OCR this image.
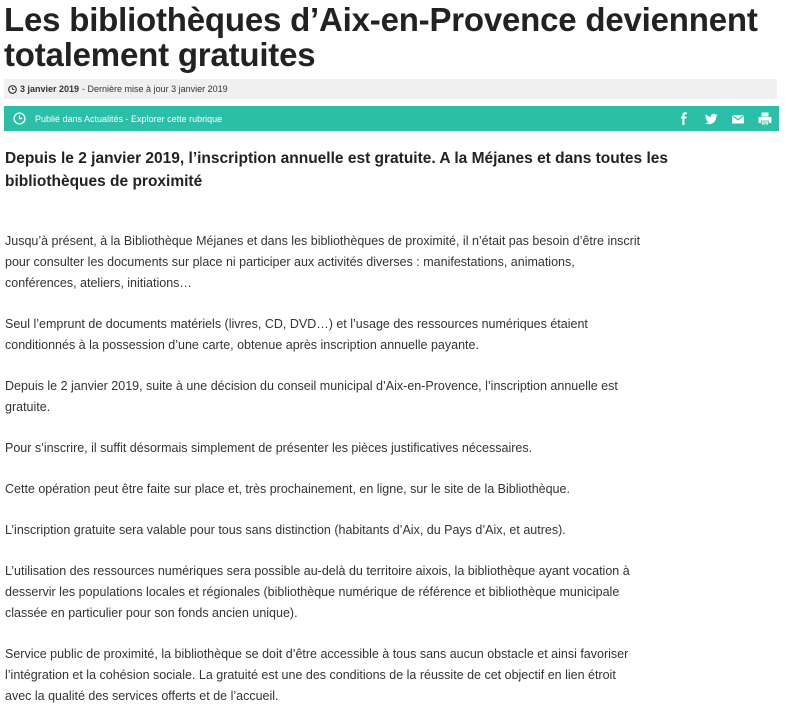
Les bibliothèques d’Aix-en-Provence deviennent totalement gratuites
3 janvier 2019 - Dernière mise à jour 3 janvier 2019
Publié dans Actualités - Explorer cette rubrique

Depuis le 2 janvier 2019, l’inscription annuelle est gratuite. A la Méjanes et dans toutes les bibliothèques de proximité

Jusqu’à présent, à la Bibliothèque Méjanes et dans les bibliothèques de proximité, il n’était pas besoin d’être inscrit pour consulter les documents sur place ni participer aux activités diverses : manifestations, animations, conférences, ateliers, initiations…

Seul l’emprunt de documents matériels (livres, CD, DVD…) et l’usage des ressources numériques étaient conditionnés à la possession d’une carte, obtenue après inscription annuelle payante.

Depuis le 2 janvier 2019, suite à une décision du conseil municipal d’Aix-en-Provence, l’inscription annuelle est gratuite.

Pour s’inscrire, il suffit désormais simplement de présenter les pièces justificatives nécessaires.

Cette opération peut être faite sur place et, très prochainement, en ligne, sur le site de la Bibliothèque.

L’inscription gratuite sera valable pour tous sans distinction (habitants d’Aix, du Pays d’Aix, et autres).

L’utilisation des ressources numériques sera possible au-delà du territoire aixois, la bibliothèque ayant vocation à desservir les populations locales et régionales (bibliothèque numérique de référence et bibliothèque municipale classée en particulier pour son fonds ancien unique).

Service public de proximité, la bibliothèque se doit d’être accessible à tous sans aucun obstacle et ainsi favoriser l’intégration et la cohésion sociale. La gratuité est une des conditions de la réussite de cet objectif en lien étroit avec la qualité des services offerts et de l’accueil.
